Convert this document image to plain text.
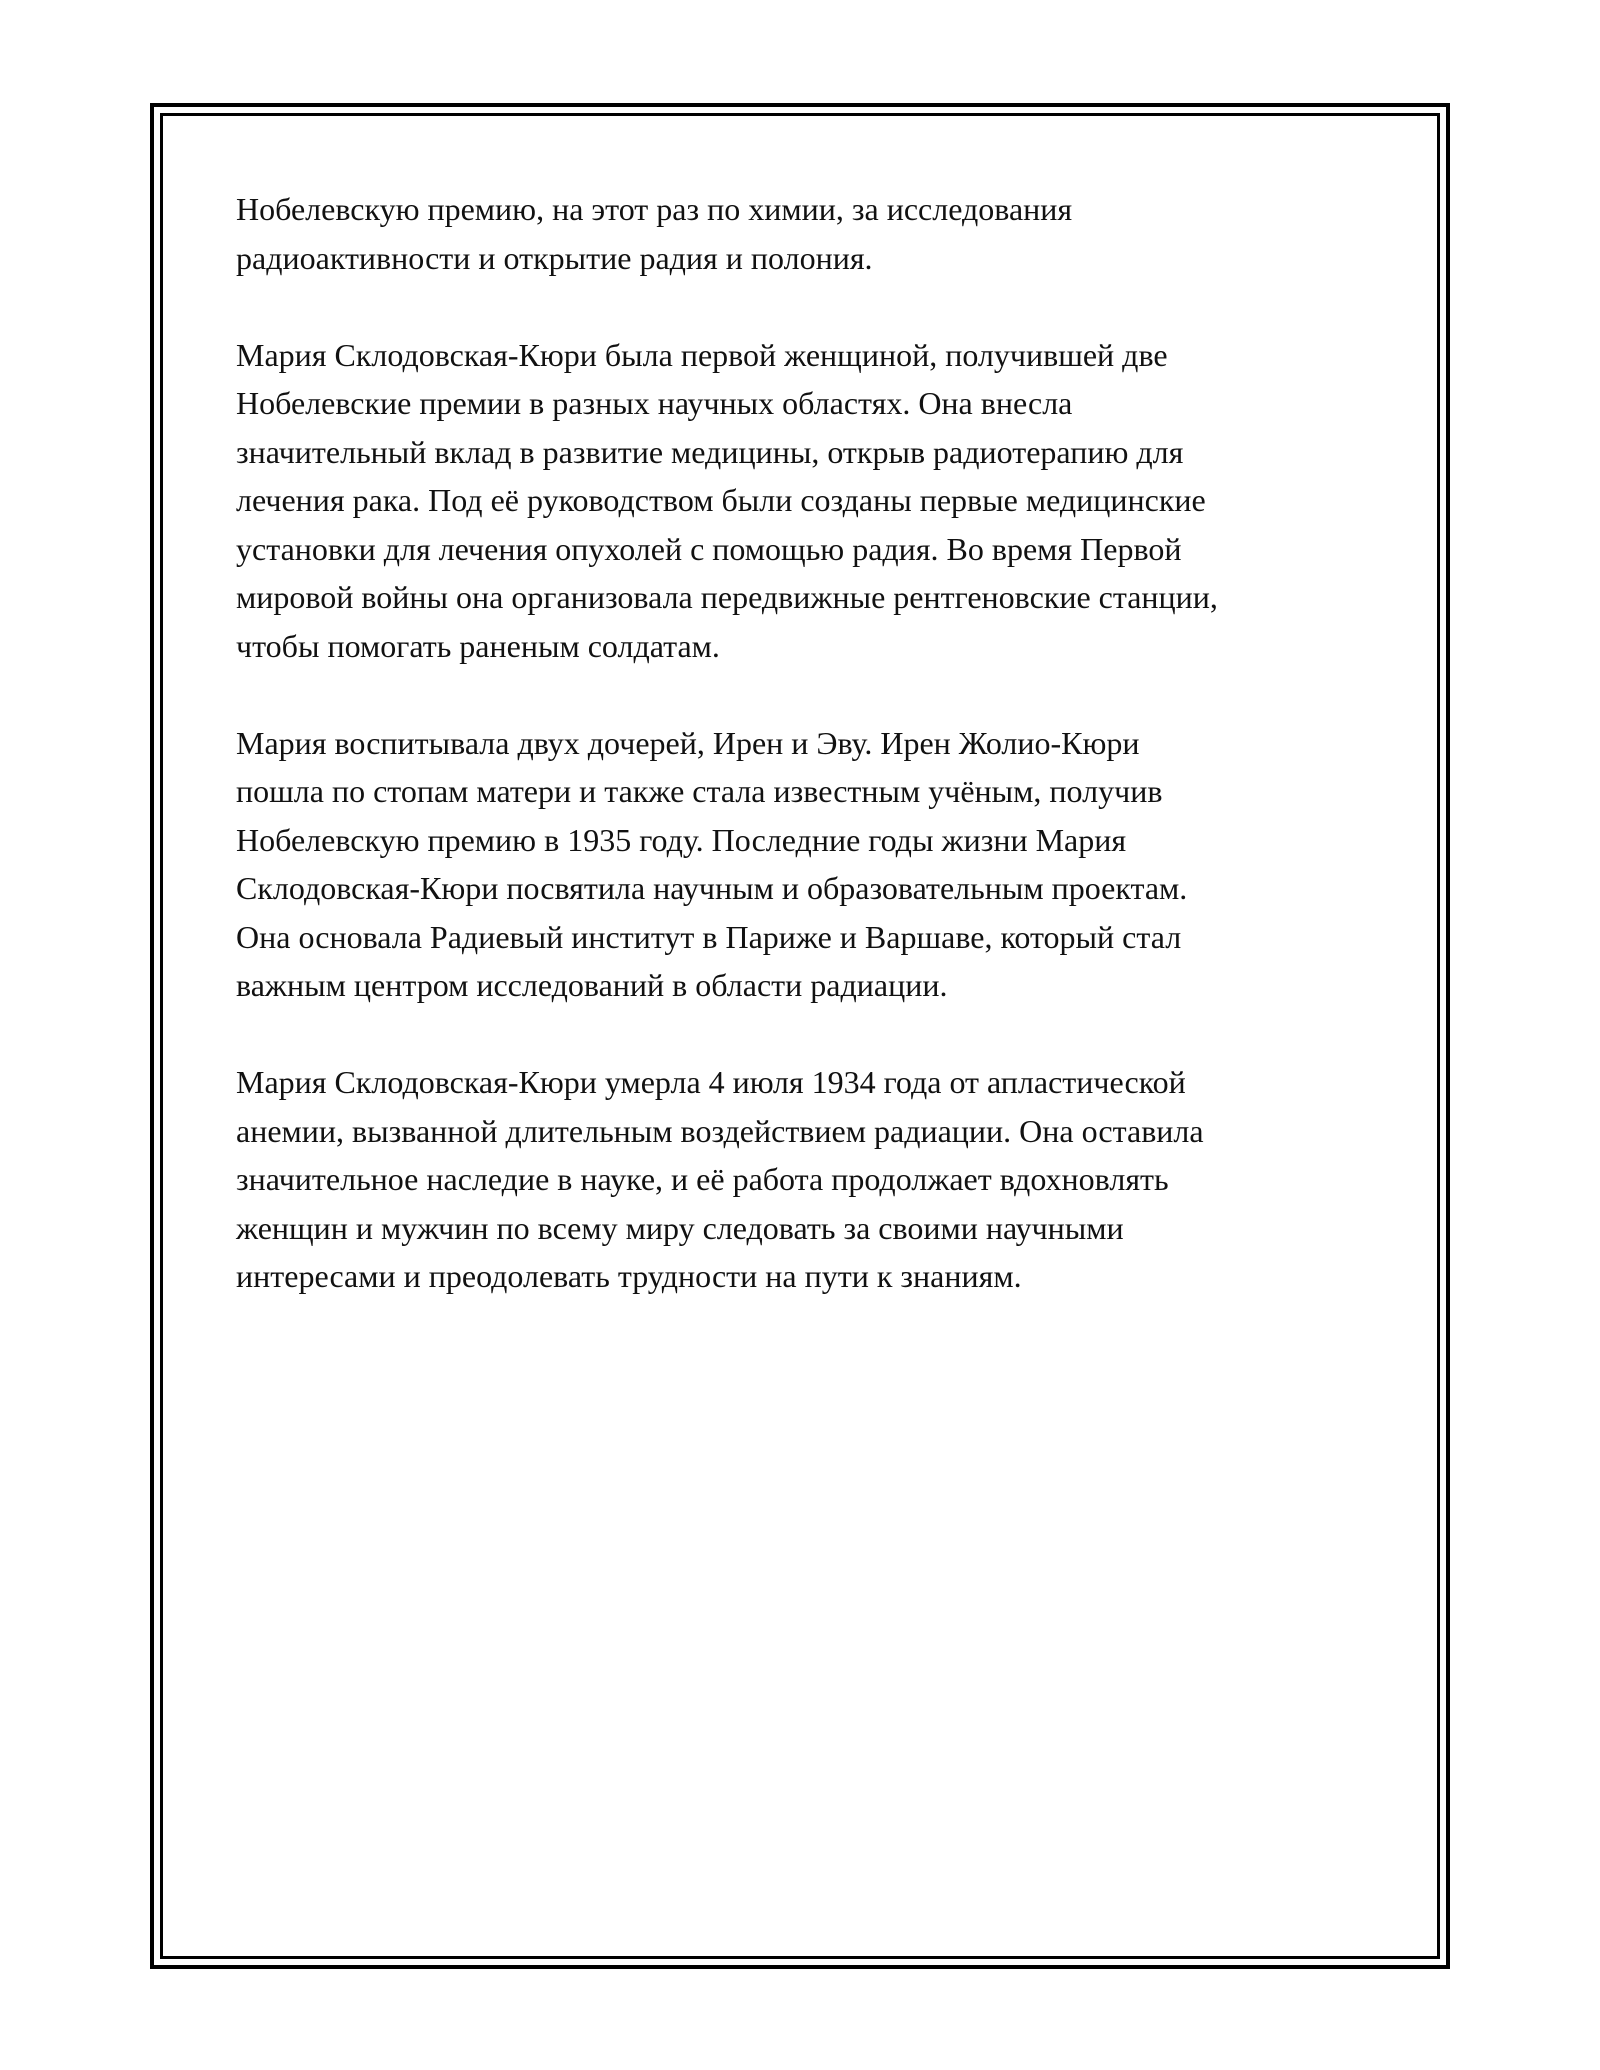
Нобелевскую премию, на этот раз по химии, за исследования
радиоактивности и открытие радия и полония.

Мария Склодовская-Кюри была первой женщиной, получившей две
Нобелевские премии в разных научных областях. Она внесла
значительный вклад в развитие медицины, открыв радиотерапию для
лечения рака. Под её руководством были созданы первые медицинские
установки для лечения опухолей с помощью радия. Во время Первой
мировой войны она организовала передвижные рентгеновские станции,
чтобы помогать раненым солдатам.

Мария воспитывала двух дочерей, Ирен и Эву. Ирен Жолио-Кюри
пошла по стопам матери и также стала известным учёным, получив
Нобелевскую премию в 1935 году. Последние годы жизни Мария
Склодовская-Кюри посвятила научным и образовательным проектам.
Она основала Радиевый институт в Париже и Варшаве, который стал
важным центром исследований в области радиации.

Мария Склодовская-Кюри умерла 4 июля 1934 года от апластической
анемии, вызванной длительным воздействием радиации. Она оставила
значительное наследие в науке, и её работа продолжает вдохновлять
женщин и мужчин по всему миру следовать за своими научными
интересами и преодолевать трудности на пути к знаниям.
